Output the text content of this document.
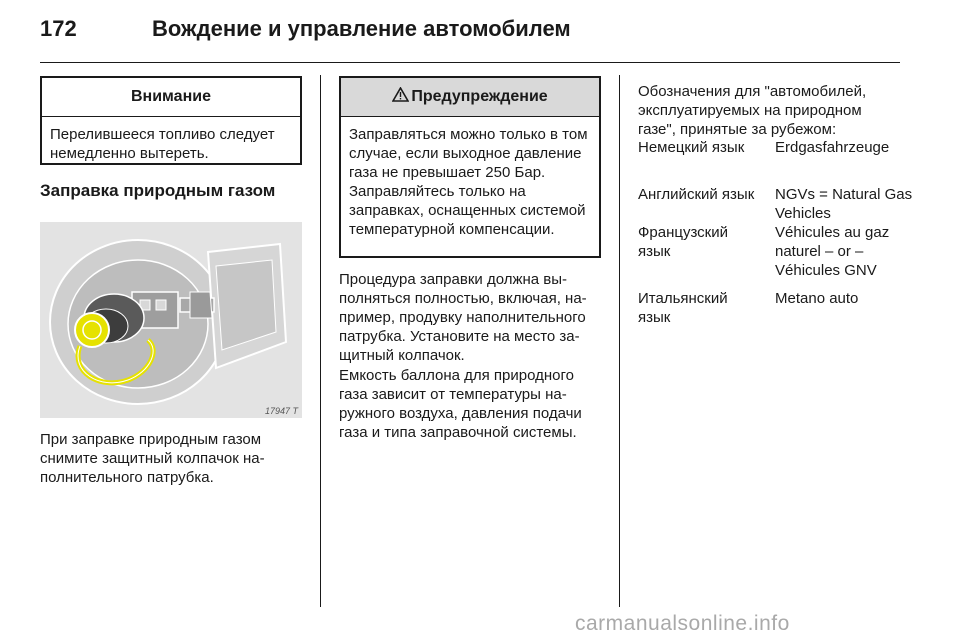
172	Вождение и управление автомобилем
Внимание
Перелившееся топливо следует немедленно вытереть.
Заправка природным газом
17947 T

При заправке природным газом снимите защитный колпачок наполнительного патрубка.

Предупреждение
Заправляться можно только в том случае, если выходное давление газа не превышает 250 Бар. Заправляйтесь только на заправках, оснащенных системой температурной компенсации.

Процедура заправки должна выполняться полностью, включая, например, продувку наполнительного патрубка. Установите на место защитный колпачок.

Емкость баллона для природного газа зависит от температуры наружного воздуха, давления подачи газа и типа заправочной системы.

Обозначения для "автомобилей, эксплуатируемых на природном газе", принятые за рубежом:

Немецкий язык	Erdgasfahrzeuge
Английский язык NGVs = Natural Gas Vehicles
Французский язык
Véhicules au gaz naturel – or – Véhicules GNV
Итальянский язык
Metano auto
carmanualsonline.info
